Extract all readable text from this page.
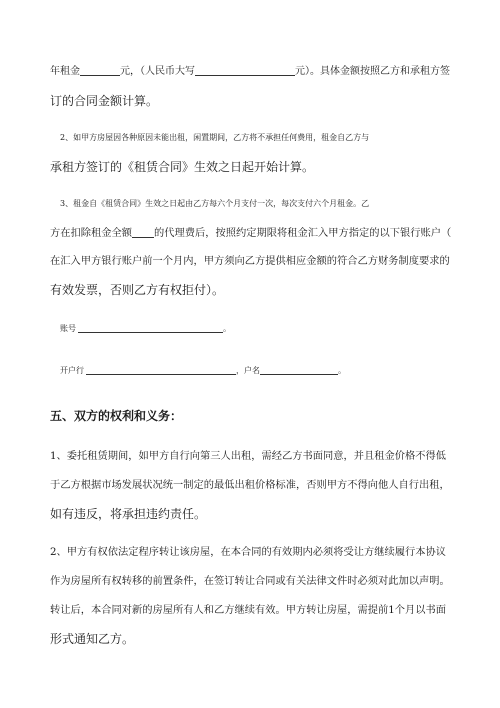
年租金	元，（人民币大写	元）。具体金额按照乙方和承租方签
订的合同金额计算。
2、如甲方房屋因各种原因未能出租，闲置期间，乙方将不承担任何费用，租金自乙方与
承租方签订的《租赁合同》生效之日起开始计算。
3、租金自《租赁合同》生效之日起由乙方每六个月支付一次，每次支付六个月租金。乙
方在扣除租金全额 的代理费后，按照约定期限将租金汇入甲方指定的以下银行账户（
在汇入甲方银行账户前一个月内，甲方须向乙方提供相应金额的符合乙方财务制度要求的
有效发票，否则乙方有权拒付）。
账号	。
开户行	，户名	。
五、双方的权利和义务：
1、委托租赁期间，如甲方自行向第三人出租，需经乙方书面同意，并且租金价格不得低
于乙方根据市场发展状况统一制定的最低出租价格标准，否则甲方不得向他人自行出租，
如有违反，将承担违约责任。
2、甲方有权依法定程序转让该房屋，在本合同的有效期内必须将受让方继续履行本协议
作为房屋所有权转移的前置条件，在签订转让合同或有关法律文件时必须对此加以声明。
转让后，本合同对新的房屋所有人和乙方继续有效。甲方转让房屋，需提前1个月以书面
形式通知乙方。
